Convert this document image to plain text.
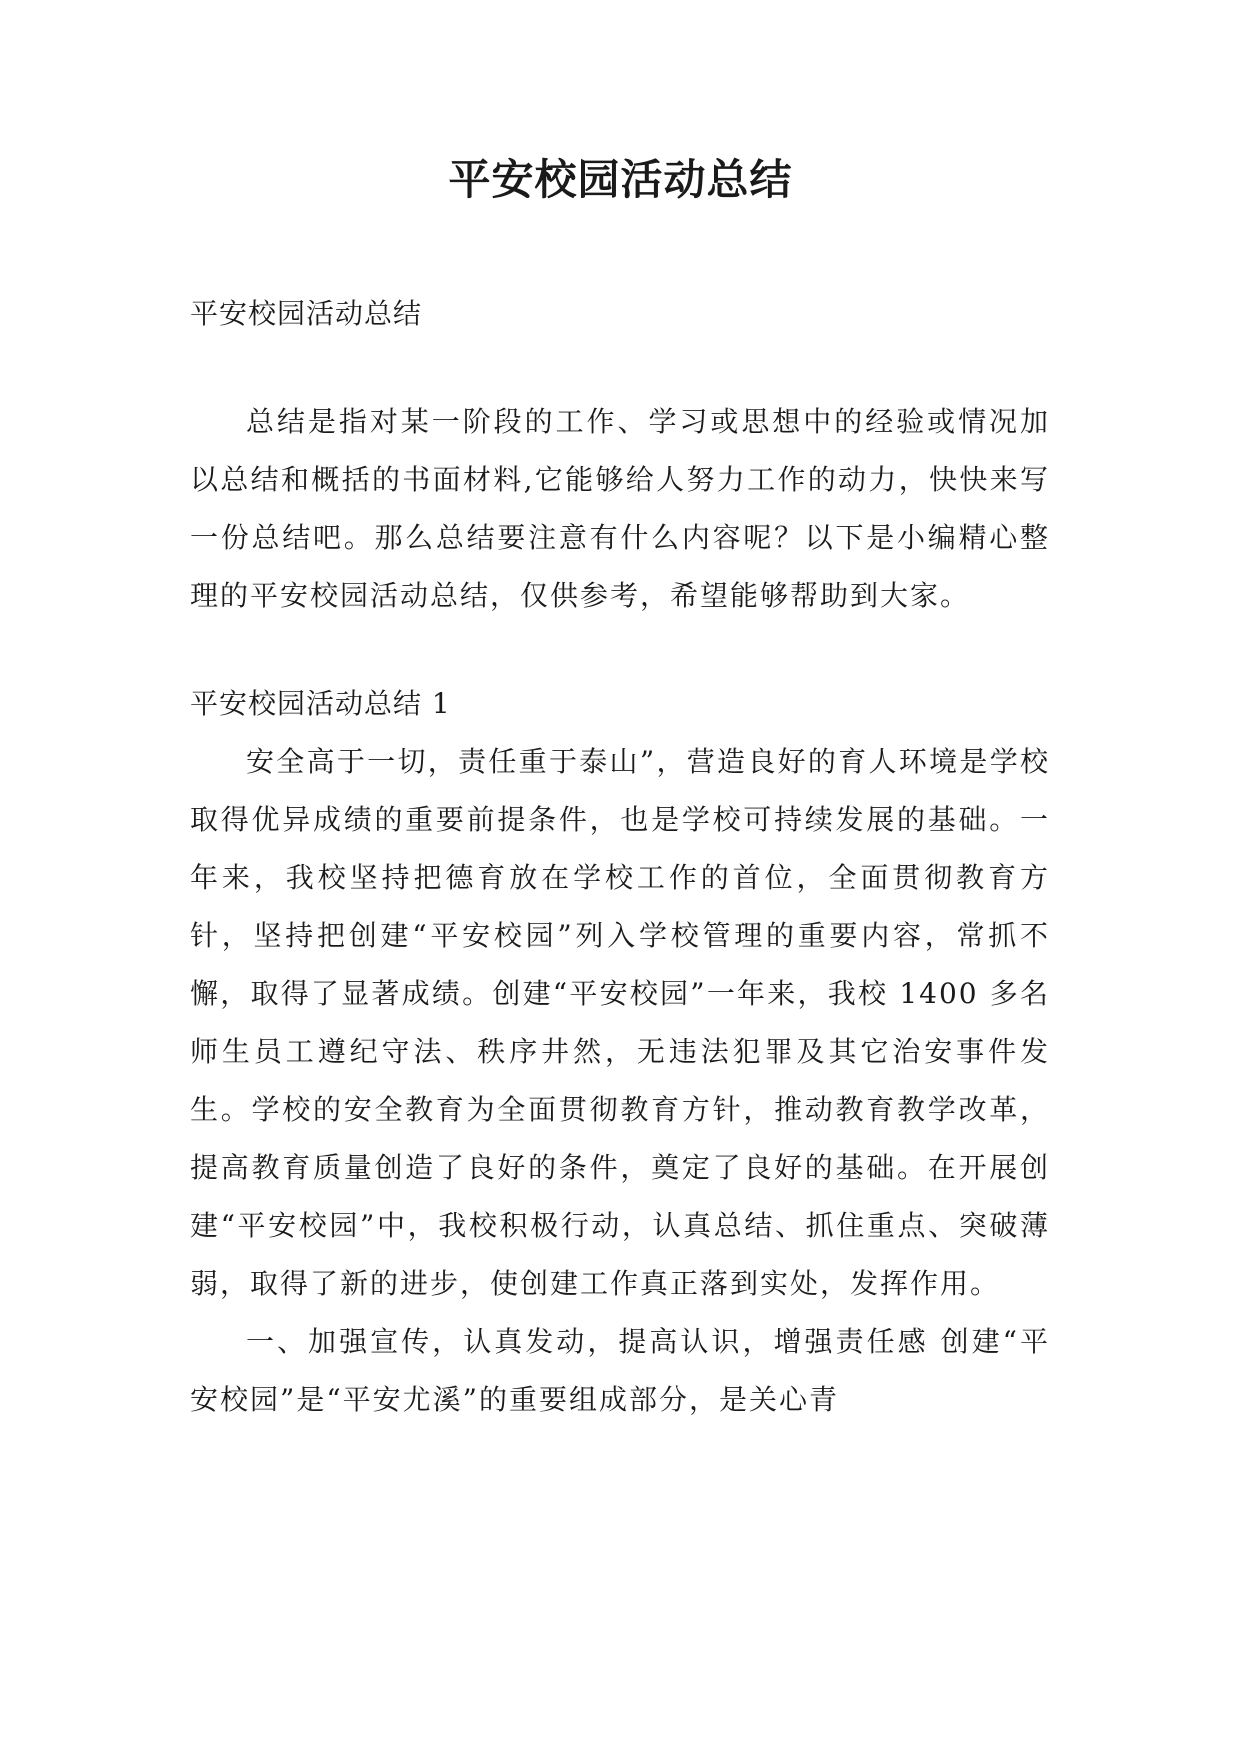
平安校园活动总结

平安校园活动总结

总结是指对某一阶段的工作、学习或思想中的经验或情况加以总结和概括的书面材料,它能够给人努力工作的动力，快快来写一份总结吧。那么总结要注意有什么内容呢？以下是小编精心整理的平安校园活动总结，仅供参考，希望能够帮助到大家。

平安校园活动总结 1

安全高于一切，责任重于泰山”，营造良好的育人环境是学校取得优异成绩的重要前提条件，也是学校可持续发展的基础。一年来，我校坚持把德育放在学校工作的首位，全面贯彻教育方针，坚持把创建“平安校园”列入学校管理的重要内容，常抓不懈，取得了显著成绩。创建“平安校园”一年来，我校 1400 多名师生员工遵纪守法、秩序井然，无违法犯罪及其它治安事件发生。学校的安全教育为全面贯彻教育方针，推动教育教学改革，提高教育质量创造了良好的条件，奠定了良好的基础。在开展创建“平安校园”中，我校积极行动，认真总结、抓住重点、突破薄弱，取得了新的进步，使创建工作真正落到实处，发挥作用。

一、加强宣传，认真发动，提高认识，增强责任感 创建“平安校园”是“平安尤溪”的重要组成部分，是关心青
